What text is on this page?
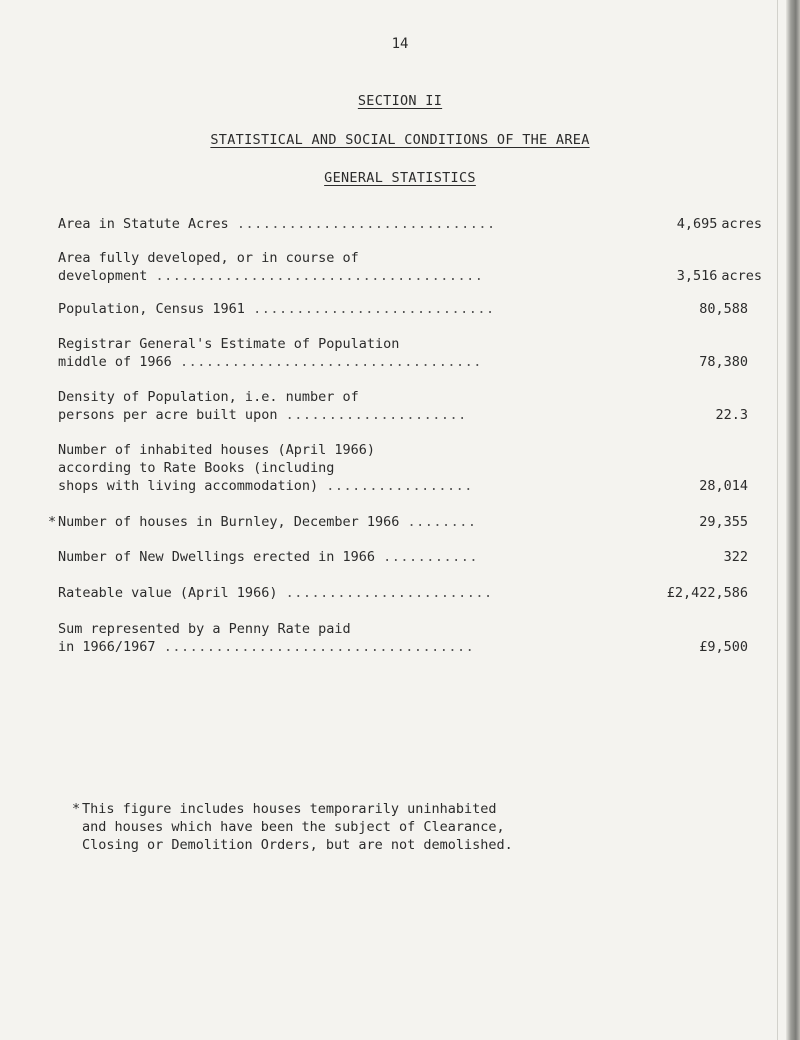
14
SECTION II
STATISTICAL AND SOCIAL CONDITIONS OF THE AREA
GENERAL STATISTICS
Area in Statute Acres ..............................	4,695 acres
Area fully developed, or in course of
development ......................................	3,516 acres
Population, Census 1961 ............................	80,588
Registrar General's Estimate of Population
middle of 1966 ...................................	78,380
Density of Population, i.e. number of
persons per acre built upon .....................	22.3
Number of inhabited houses (April 1966)
according to Rate Books (including
shops with living accommodation) .................	28,014
* Number of houses in Burnley, December 1966 ........	29,355
Number of New Dwellings erected in 1966 ...........	322
Rateable value (April 1966) ........................	£2,422,586
Sum represented by a Penny Rate paid
in 1966/1967 ....................................	£9,500
* This figure includes houses temporarily uninhabited
and houses which have been the subject of Clearance,
Closing or Demolition Orders, but are not demolished.
